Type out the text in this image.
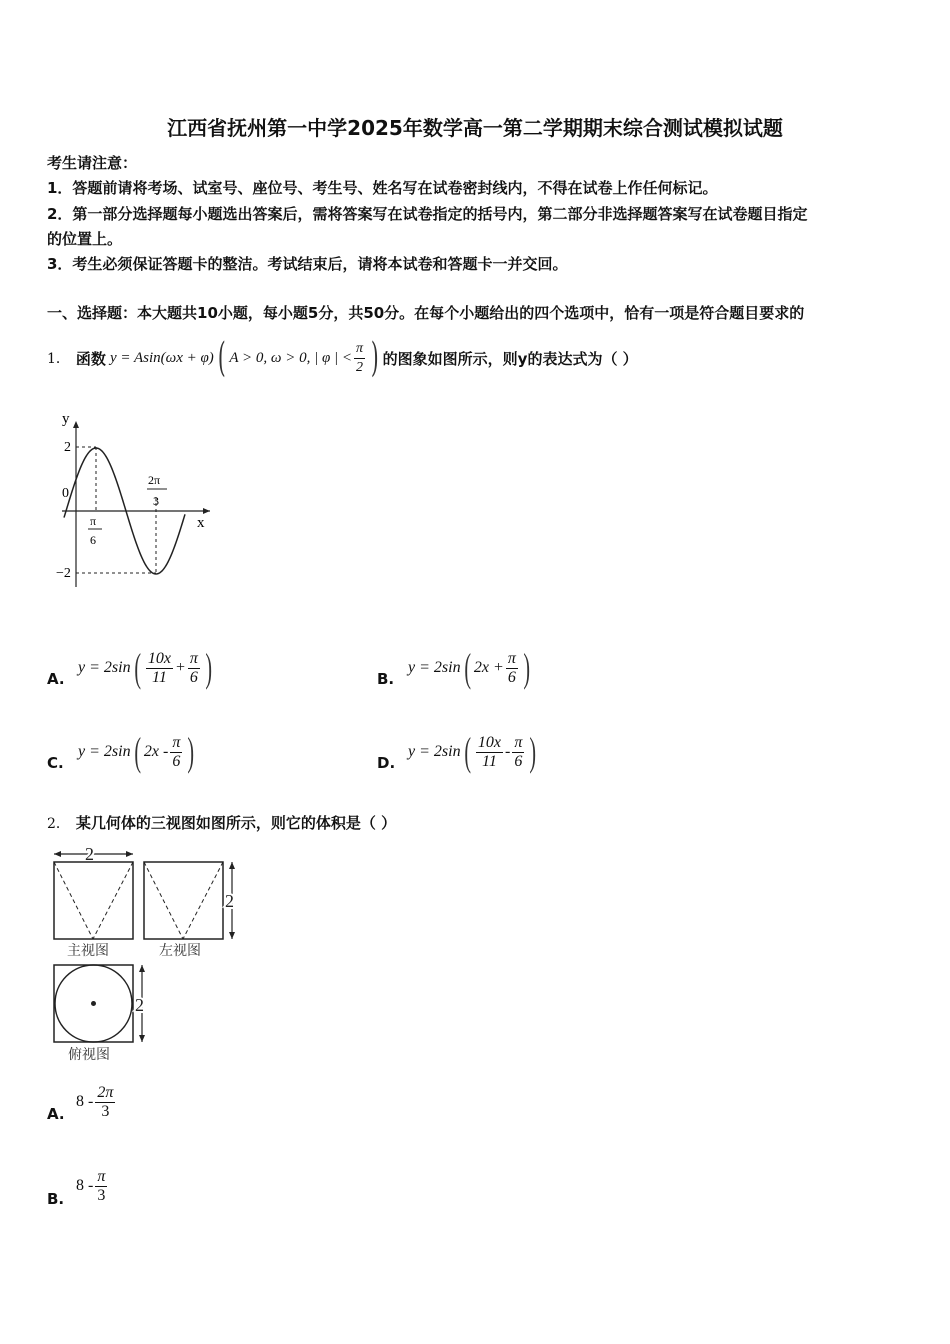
江西省抚州第一中学2025年数学高一第二学期期末综合测试模拟试题
考生请注意：
1．答题前请将考场、试室号、座位号、考生号、姓名写在试卷密封线内，不得在试卷上作任何标记。
2．第一部分选择题每小题选出答案后，需将答案写在试卷指定的括号内，第二部分非选择题答案写在试卷题目指定
的位置上。
3．考生必须保证答题卡的整洁。考试结束后，请将本试卷和答题卡一并交回。
一、选择题：本大题共10小题，每小题5分，共50分。在每个小题给出的四个选项中，恰有一项是符合题目要求的
1． 函数 y = Asin(ωx + φ) ( A > 0, ω > 0, | φ | < $\frac{\pi}{2}$ ) 的图象如图所示，则y的表达式为（ ）
y
x
2
0
−2
π
6
2π
3
A.
y = 2sin ( $\frac{10x}{11} + \frac{\pi}{6}$ )	B.
y = 2sin ( $2x + \frac{\pi}{6}$ )
C.
y = 2sin ( $2x - \frac{\pi}{6}$ )	D.
y = 2sin ( $\frac{10x}{11} - \frac{\pi}{6}$ )
2． 某几何体的三视图如图所示，则它的体积是（ ）
2
主视图
2
左视图
2
俯视图
A.
$8 - \frac{2\pi}{3}$
B.
$8 - \frac{\pi}{3}$
